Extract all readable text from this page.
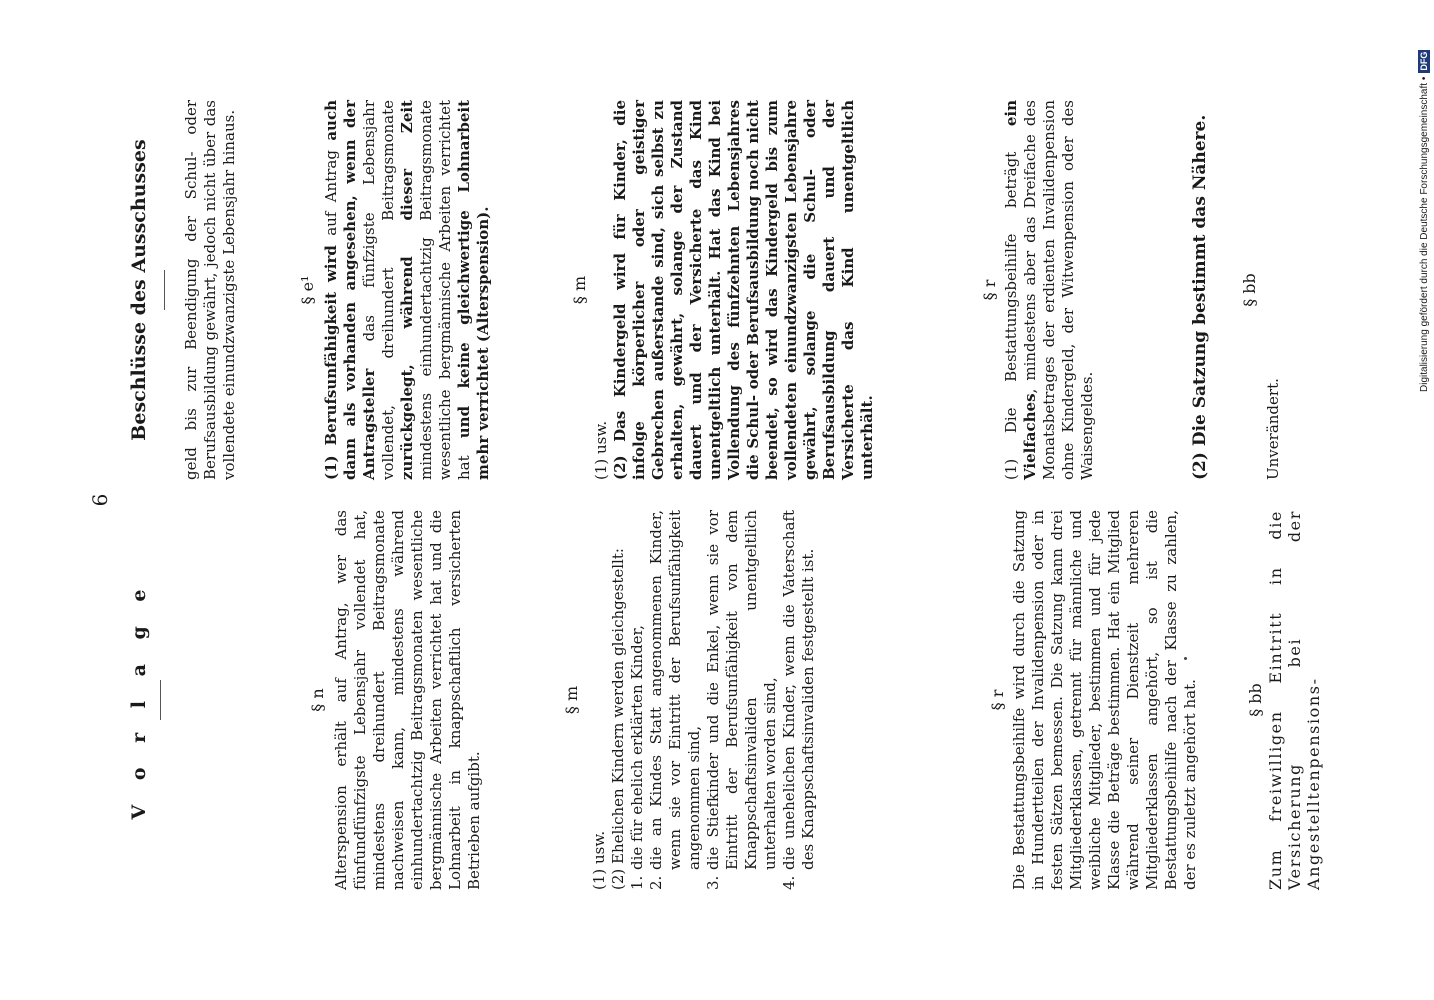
6
V o r l a g e	§ n Alterspension erhält auf Antrag, wer das fünfundfünfzigste Lebensjahr vollendet hat, mindestens dreihundert Beitragsmonate nachweisen kann, mindestens während einhundertachtzig Beitragsmonaten wesentliche bergmännische Arbeiten verrichtet hat und die Lohnarbeit in knappschaftlich versicherten Betrieben aufgibt.
§ m
(1) usw. (2) Ehelichen Kindern werden gleichgestellt: 1.
die für ehelich erklärten Kinder,
2.
die an Kindes Statt angenommenen Kinder, wenn sie vor Eintritt der Berufsunfähigkeit angenommen sind,
3.
die Stiefkinder und die Enkel, wenn sie vor Eintritt der Berufsunfähigkeit von dem Knappschaftsinvaliden unentgeltlich unterhalten worden sind,
4.
die unehelichen Kinder, wenn die Vaterschaft des Knappschaftsinvaliden festgestellt ist.	§ r Die Bestattungsbeihilfe wird durch die Satzung in Hundertteilen der Invalidenpension oder in festen Sätzen bemessen. Die Satzung kann drei Mitgliederklassen, getrennt für männliche und weibliche Mitglieder, bestimmen und für jede Klasse die Beträge bestimmen. Hat ein Mitglied während seiner Dienstzeit mehreren Mitgliederklassen angehört, so ist die Bestattungsbeihilfe nach der Klasse zu zahlen, der es zuletzt angehört hat.	§ bb Zum freiwilligen Eintritt in die Versicherung bei der Angestelltenpensions-
Beschlüsse des Ausschusses geld bis zur Beendigung der Schul- oder Berufsausbildung gewährt, jedoch nicht über das vollendete einundzwanzigste Lebensjahr hinaus.	§ e¹ (1) Berufsunfähigkeit wird auf Antrag auch dann als vorhanden angesehen, wenn der Antragsteller das fünfzigste Lebensjahr vollendet, dreihundert Beitragsmonate zurückgelegt, während dieser Zeit mindestens einhundertachtzig Beitragsmonate wesentliche bergmännische Arbeiten verrichtet hat und keine gleichwertige Lohnarbeit mehr verrichtet (Alterspension).	§ m
(1) usw. (2) Das Kindergeld wird für Kinder, die infolge körperlicher oder geistiger Gebrechen außerstande sind, sich selbst zu erhalten, gewährt, solange der Zustand dauert und der Versicherte das Kind unentgeltlich unterhält. Hat das Kind bei Vollendung des fünfzehnten Lebensjahres die Schul- oder Berufsausbildung noch nicht beendet, so wird das Kindergeld bis zum vollendeten einundzwanzigsten Lebensjahre gewährt, solange die Schul- oder Berufsausbildung dauert und der Versicherte das Kind unentgeltlich unterhält.
§ r (1) Die Bestattungsbeihilfe beträgt ein Vielfaches, mindestens aber das Dreifache des Monatsbetrages der erdienten Invalidenpension ohne Kindergeld, der Witwenpension oder des Waisengeldes.	(2) Die Satzung bestimmt das Nähere. § bb
Unverändert.
Digitalisierung gefördert durch die Deutsche Forschungsgemeinschaft •
DFG
